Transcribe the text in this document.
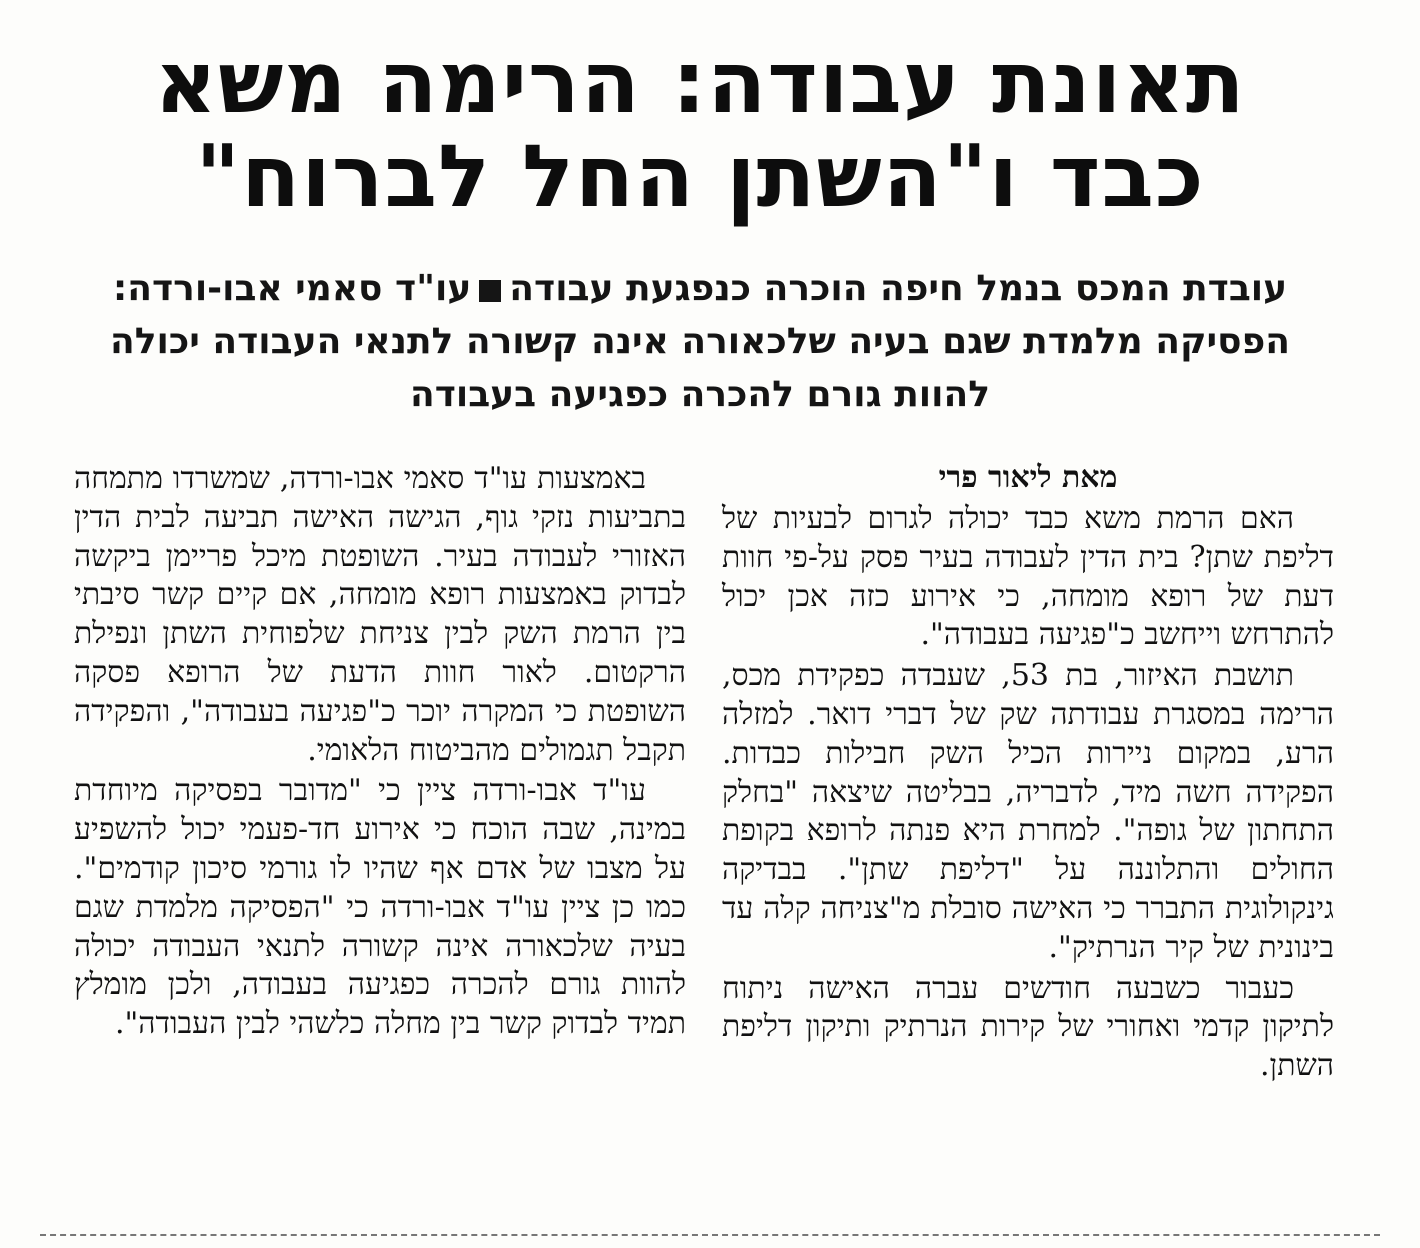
תאונת עבודה: הרימה משא
כבד ו"השתן החל לברוח"
עובדת המכס בנמל חיפה הוכרה כנפגעת עבודהעו"ד סאמי אבו-ורדה: הפסיקה מלמדת שגם בעיה שלכאורה אינה קשורה לתנאי העבודה יכולה להוות גורם להכרה כפגיעה בעבודה
מאת ליאור פרי

האם הרמת משא כבד יכולה לגרום לבעיות של דליפת שתן? בית הדין לעבודה בעיר פסק על-פי חוות דעת של רופא מומחה, כי אירוע כזה אכן יכול להתרחש וייחשב כ"פגיעה בעבודה".

תושבת האיזור, בת 53, שעבדה כפקידת מכס, הרימה במסגרת עבודתה שק של דברי דואר. למזלה הרע, במקום ניירות הכיל השק חבילות כבדות. הפקידה חשה מיד, לדבריה, בבליטה שיצאה "בחלק התחתון של גופה". למחרת היא פנתה לרופא בקופת החולים והתלוננה על "דליפת שתן". בבדיקה גינקולוגית התברר כי האישה סובלת מ"צניחה קלה עד בינונית של קיר הנרתיק".

כעבור כשבעה חודשים עברה האישה ניתוח לתיקון קדמי ואחורי של קירות הנרתיק ותיקון דליפת השתן.

באמצעות עו"ד סאמי אבו-ורדה, שמשרדו מתמחה בתביעות נזקי גוף, הגישה האישה תביעה לבית הדין האזורי לעבודה בעיר. השופטת מיכל פריימן ביקשה לבדוק באמצעות רופא מומחה, אם קיים קשר סיבתי בין הרמת השק לבין צניחת שלפוחית השתן ונפילת הרקטום. לאור חוות הדעת של הרופא פסקה השופטת כי המקרה יוכר כ"פגיעה בעבודה", והפקידה תקבל תגמולים מהביטוח הלאומי.

עו"ד אבו-ורדה ציין כי "מדובר בפסיקה מיוחדת במינה, שבה הוכח כי אירוע חד-פעמי יכול להשפיע על מצבו של אדם אף שהיו לו גורמי סיכון קודמים". כמו כן ציין עו"ד אבו-ורדה כי "הפסיקה מלמדת שגם בעיה שלכאורה אינה קשורה לתנאי העבודה יכולה להוות גורם להכרה כפגיעה בעבודה, ולכן מומלץ תמיד לבדוק קשר בין מחלה כלשהי לבין העבודה".
